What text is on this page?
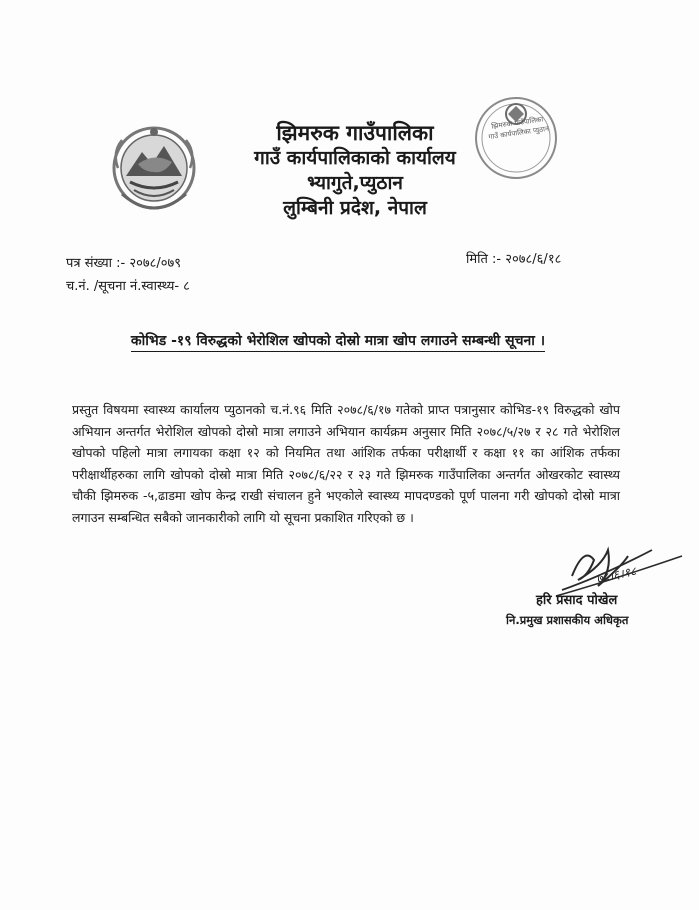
झिमरुक गाउँपालिका
गाउँ कार्यपालिकाको कार्यालय
भ्यागुते,प्युठान
लुम्बिनी प्रदेश, नेपाल
झिमरुक गाउँपालिका गाउँ कार्यपालिका प्युठान
पत्र संख्या :- २०७८/०७९
च.नं. /सूचना नं.स्वास्थ्य- ८
मिति :- २०७८/६/१८
कोभिड -१९ विरुद्धको भेरोशिल खोपको दोस्रो मात्रा खोप लगाउने सम्बन्धी सूचना ।
प्रस्तुत विषयमा स्वास्थ्य कार्यालय प्युठानको च.नं.९६ मिति २०७८/६/१७ गतेको प्राप्त पत्रानुसार कोभिड-१९ विरुद्धको खोप अभियान अन्तर्गत भेरोशिल खोपको दोस्रो मात्रा लगाउने अभियान कार्यक्रम अनुसार मिति २०७८/५/२७ र २८ गते भेरोशिल खोपको पहिलो मात्रा लगायका कक्षा १२ को नियमित तथा आंशिक तर्फका परीक्षार्थी र कक्षा ११ का आंशिक तर्फका परीक्षार्थीहरुका लागि खोपको दोस्रो मात्रा मिति २०७८/६/२२ र २३ गते झिमरुक गाउँपालिका अन्तर्गत ओखरकोट स्वास्थ्य चौकी झिमरुक -५,ढाडमा खोप केन्द्र राखी संचालन हुने भएकोले स्वास्थ्य मापदण्डको पूर्ण पालना गरी खोपको दोस्रो मात्रा लगाउन सम्बन्धित सबैको जानकारीको लागि यो सूचना प्रकाशित गरिएको छ ।
७८।६।१८
हरि प्रसाद पोखेल
नि.प्रमुख प्रशासकीय अधिकृत
